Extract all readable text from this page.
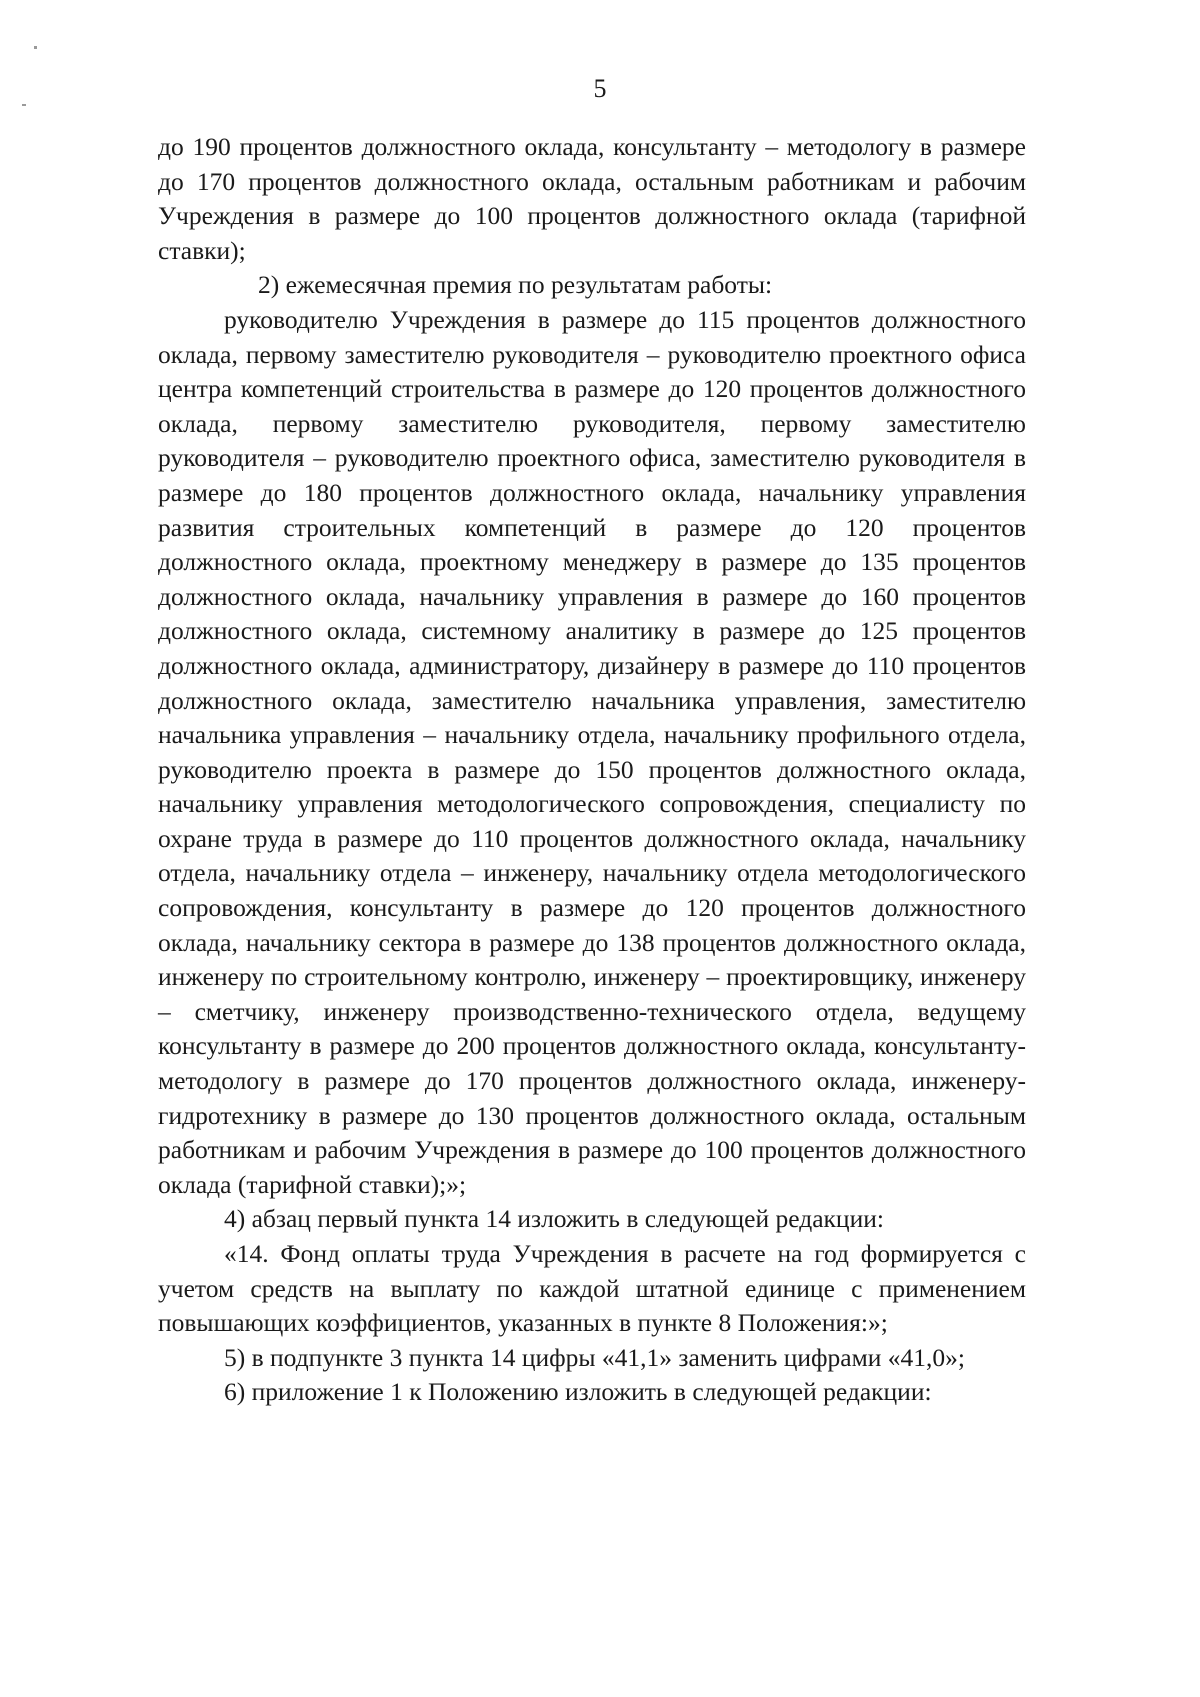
5

до 190 процентов должностного оклада, консультанту – методологу в размере до 170 процентов должностного оклада, остальным работникам и рабочим Учреждения в размере до 100 процентов должностного оклада (тарифной ставки);

2) ежемесячная премия по результатам работы:

руководителю Учреждения в размере до 115 процентов должностного оклада, первому заместителю руководителя – руководителю проектного офиса центра компетенций строительства в размере до 120 процентов должностного оклада, первому заместителю руководителя, первому заместителю руководителя – руководителю проектного офиса, заместителю руководителя в размере до 180 процентов должностного оклада, начальнику управления развития строительных компетенций в размере до 120 процентов должностного оклада, проектному менеджеру в размере до 135 процентов должностного оклада, начальнику управления в размере до 160 процентов должностного оклада, системному аналитику в размере до 125 процентов должностного оклада, администратору, дизайнеру в размере до 110 процентов должностного оклада, заместителю начальника управления, заместителю начальника управления – начальнику отдела, начальнику профильного отдела, руководителю проекта в размере до 150 процентов должностного оклада, начальнику управления методологического сопровождения, специалисту по охране труда в размере до 110 процентов должностного оклада, начальнику отдела, начальнику отдела – инженеру, начальнику отдела методологического сопровождения, консультанту в размере до 120 процентов должностного оклада, начальнику сектора в размере до 138 процентов должностного оклада, инженеру по строительному контролю, инженеру – проектировщику, инженеру – сметчику, инженеру производственно-технического отдела, ведущему консультанту в размере до 200 процентов должностного оклада, консультанту-методологу в размере до 170 процентов должностного оклада, инженеру-гидротехнику в размере до 130 процентов должностного оклада, остальным работникам и рабочим Учреждения в размере до 100 процентов должностного оклада (тарифной ставки);»;

4) абзац первый пункта 14 изложить в следующей редакции:

«14. Фонд оплаты труда Учреждения в расчете на год формируется с учетом средств на выплату по каждой штатной единице с применением повышающих коэффициентов, указанных в пункте 8 Положения:»;

5) в подпункте 3 пункта 14 цифры «41,1» заменить цифрами «41,0»;

6) приложение 1 к Положению изложить в следующей редакции:
